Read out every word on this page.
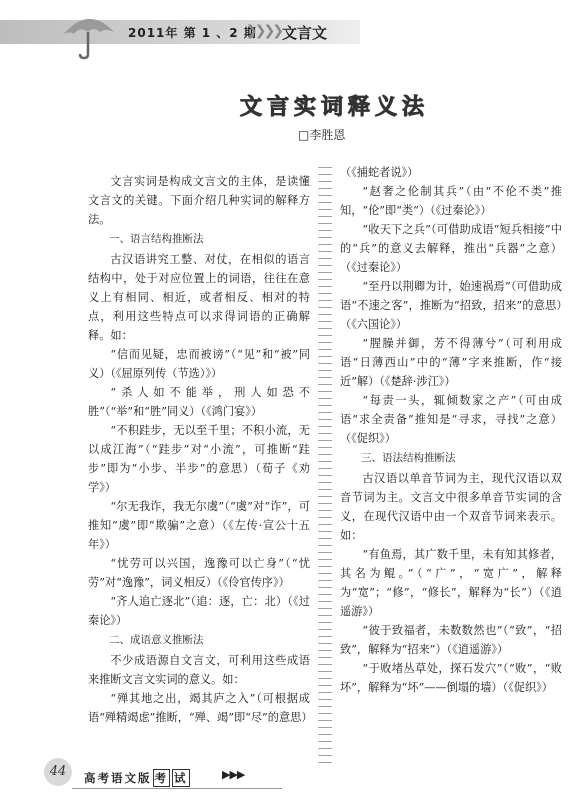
2011年 第 1 、2 期
❯❯❯❯ 文言文
文言实词释义法
□李胜恩

文言实词是构成文言文的主体，是读懂文言文的关键。下面介绍几种实词的解释方法。

一、语言结构推断法

古汉语讲究工整、对仗，在相似的语言结构中，处于对应位置上的词语，往往在意义上有相同、相近，或者相反、相对的特点，利用这些特点可以求得词语的正确解释。如：

“信而见疑，忠而被谤”（“见”和“被”同义）（《屈原列传（节选）》）

“杀人如不能举，刑人如恐不胜”（“举”和“胜”同义）（《鸿门宴》）

“不积跬步，无以至千里；不积小流，无以成江海”（“跬步”对“小流”，可推断“跬步”即为“小步、半步”的意思）（荀子《劝学》）

“尔无我诈，我无尔虞”（“虞”对“诈”，可推知“虞”即“欺骗”之意）（《左传·宣公十五年》）

“忧劳可以兴国，逸豫可以亡身”（“忧劳”对“逸豫”，词义相反）（《伶官传序》）

“齐人追亡逐北”（追：逐，亡：北）（《过秦论》）

二、成语意义推断法

不少成语源自文言文，可利用这些成语来推断文言文实词的意义。如：

“殚其地之出，竭其庐之入”（可根据成语“殚精竭虑”推断，“殚、竭”即“尽”的意思）

（《捕蛇者说》）

“赵奢之伦制其兵”（由“不伦不类”推知，“伦”即“类”）（《过秦论》）

“收天下之兵”（可借助成语“短兵相接”中的“兵”的意义去解释，推出“兵器”之意）（《过秦论》）

“至丹以荆卿为计，始速祸焉”（可借助成语“不速之客”，推断为“招致，招来”的意思）（《六国论》）

“腥臊并御，芳不得薄兮”（可利用成语“日薄西山”中的“薄”字来推断，作“接近”解）（《楚辞·涉江》）

“每责一头，辄倾数家之产”（可由成语“求全责备”推知是“寻求，寻找”之意）（《促织》）

三、语法结构推断法

古汉语以单音节词为主，现代汉语以双音节词为主。文言文中很多单音节实词的含义，在现代汉语中由一个双音节词来表示。如：

“有鱼焉，其广数千里，未有知其修者，其名为鲲。”（“广”，“宽广”，解释为“宽”；“修”，“修长”，解释为“长”）（《逍遥游》）

“彼于致福者，未数数然也”（“致”，“招致”，解释为“招来”）（《逍遥游》）

“于败堵丛草处，探石发穴”（“败”，“败坏”，解释为“坏”——倒塌的墙）（《促织》）

44	高考语文版 考 试	▶▶▶
